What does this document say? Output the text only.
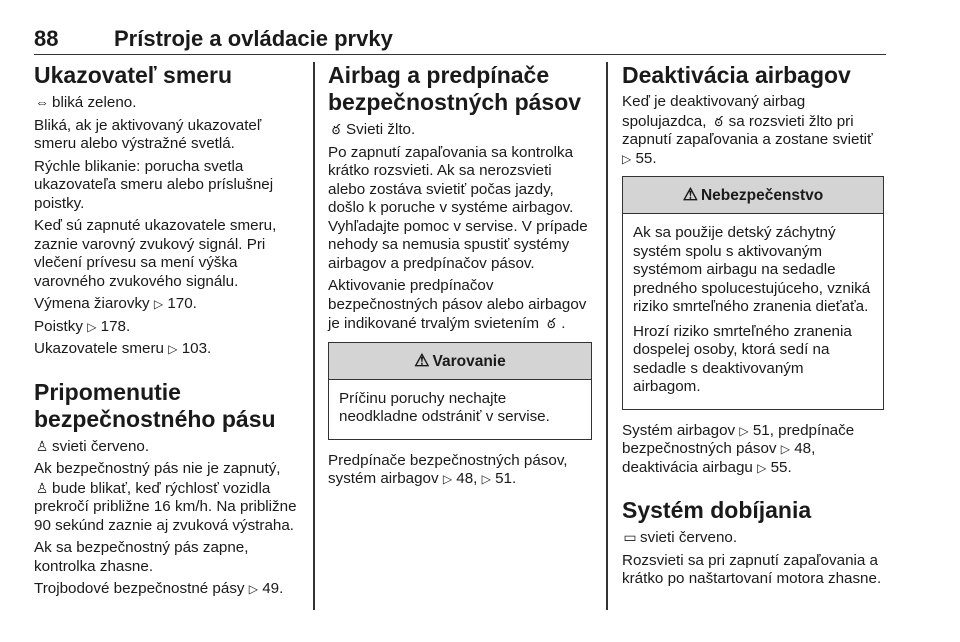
88	Prístroje a ovládacie prvky
Ukazovateľ smeru

⇔ bliká zeleno.

Bliká, ak je aktivovaný ukazovateľ smeru alebo výstražné svetlá.

Rýchle blikanie: porucha svetla ukazovateľa smeru alebo príslušnej poistky.

Keď sú zapnuté ukazovatele smeru, zaznie varovný zvukový signál. Pri vlečení prívesu sa mení výška varovného zvukového signálu.

Výmena žiarovky ▷ 170.

Poistky ▷ 178.

Ukazovatele smeru ▷ 103.

Pripomenutie bezpečnostného pásu

♙ svieti červeno.

Ak bezpečnostný pás nie je zapnutý, ♙ bude blikať, keď rýchlosť vozidla prekročí približne 16 km/h. Na približne 90 sekúnd zaznie aj zvuková výstraha.

Ak sa bezpečnostný pás zapne, kontrolka zhasne.

Trojbodové bezpečnostné pásy ▷ 49.

Airbag a predpínače bezpečnostných pásov

ఠ Svieti žlto.

Po zapnutí zapaľovania sa kontrolka krátko rozsvieti. Ak sa nerozsvieti alebo zostáva svietiť počas jazdy, došlo k poruche v systéme airbagov. Vyhľadajte pomoc v servise. V prípade nehody sa nemusia spustiť systémy airbagov a predpínačov pásov.

Aktivovanie predpínačov bezpečnostných pásov alebo airbagov je indikované trvalým svietením ఠ .

⚠ Varovanie

Príčinu poruchy nechajte neodkladne odstrániť v servise.

Predpínače bezpečnostných pásov, systém airbagov ▷ 48, ▷ 51.

Deaktivácia airbagov

Keď je deaktivovaný airbag spolujazdca, ఠ sa rozsvieti žlto pri zapnutí zapaľovania a zostane svietiť ▷ 55.

⚠ Nebezpečenstvo

Ak sa použije detský záchytný systém spolu s aktivovaným systémom airbagu na sedadle predného spolucestujúceho, vzniká riziko smrteľného zranenia dieťaťa.

Hrozí riziko smrteľného zranenia dospelej osoby, ktorá sedí na sedadle s deaktivovaným airbagom.

Systém airbagov ▷ 51, predpínače bezpečnostných pásov ▷ 48, deaktivácia airbagu ▷ 55.

Systém dobíjania

▭ svieti červeno.

Rozsvieti sa pri zapnutí zapaľovania a krátko po naštartovaní motora zhasne.
